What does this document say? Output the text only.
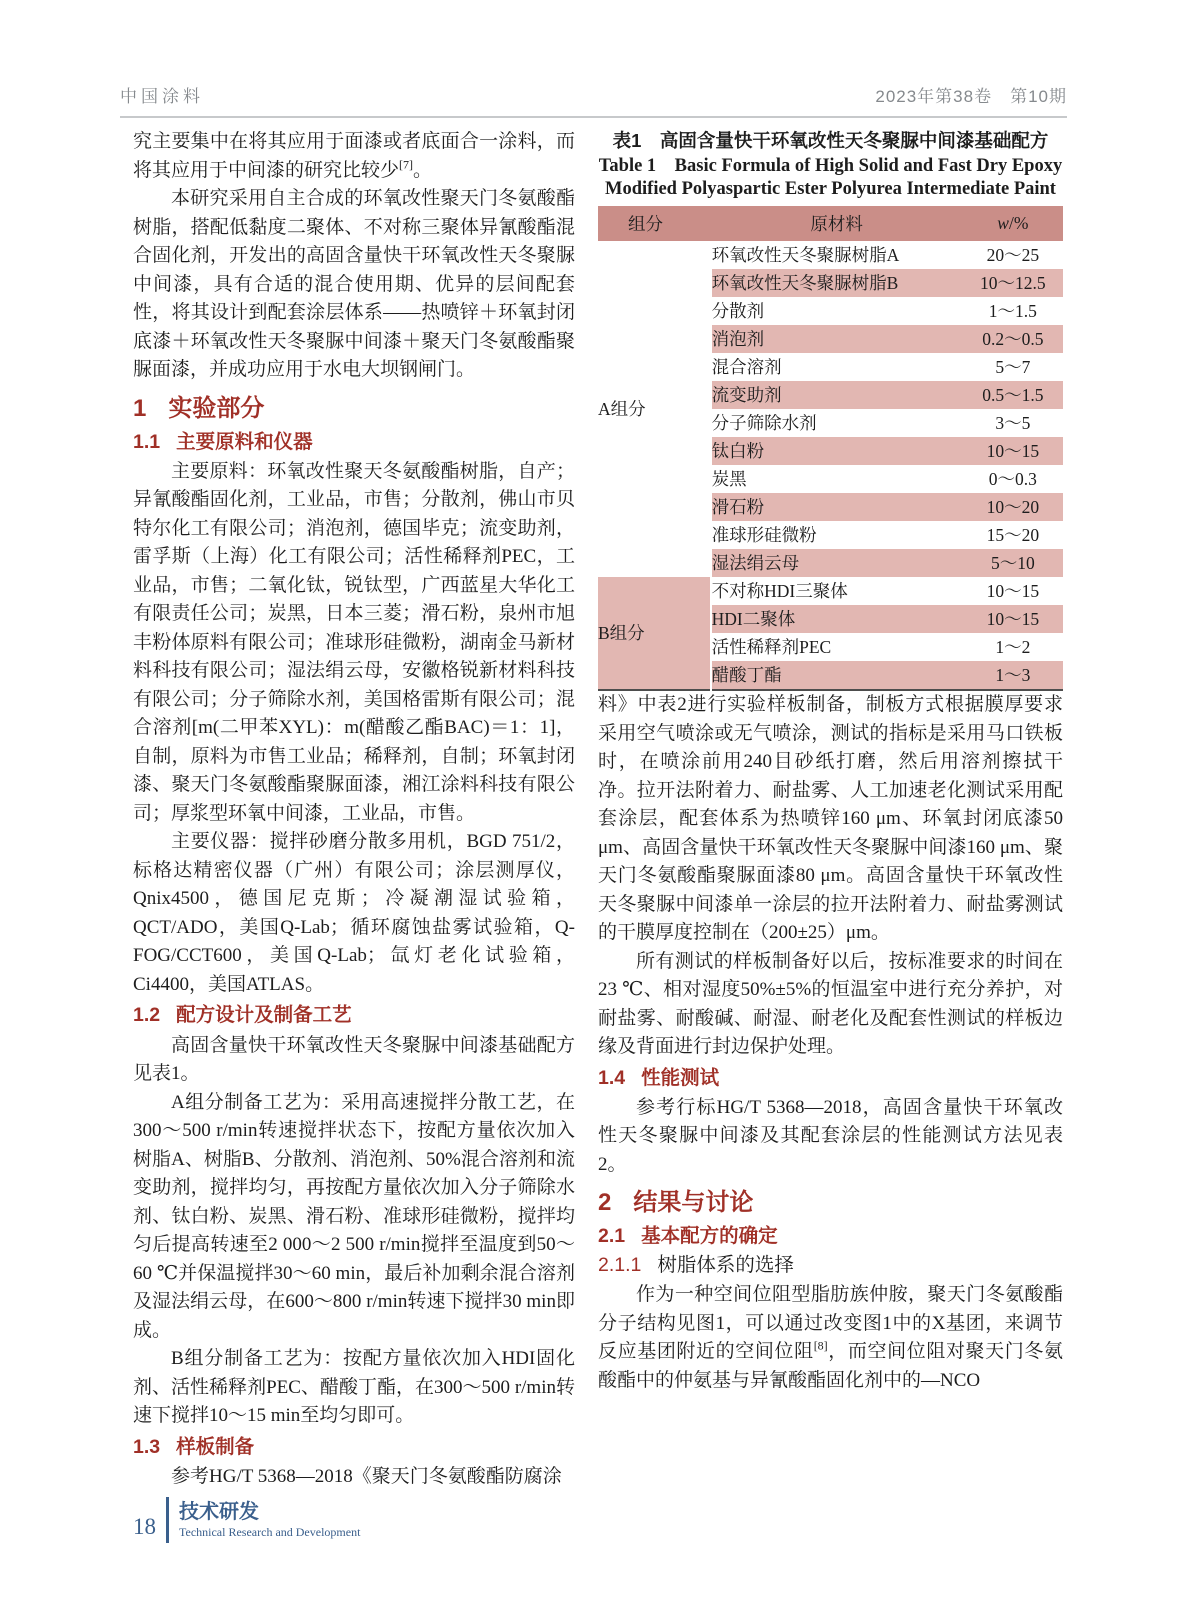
中国涂料	2023年第38卷　第10期

究主要集中在将其应用于面漆或者底面合一涂料，而将其应用于中间漆的研究比较少[7]。

本研究采用自主合成的环氧改性聚天门冬氨酸酯树脂，搭配低黏度二聚体、不对称三聚体异氰酸酯混合固化剂，开发出的高固含量快干环氧改性天冬聚脲中间漆，具有合适的混合使用期、优异的层间配套性，将其设计到配套涂层体系——热喷锌＋环氧封闭底漆＋环氧改性天冬聚脲中间漆＋聚天门冬氨酸酯聚脲面漆，并成功应用于水电大坝钢闸门。

1 实验部分
1.1 主要原料和仪器

主要原料：环氧改性聚天冬氨酸酯树脂，自产；异氰酸酯固化剂，工业品，市售；分散剂，佛山市贝特尔化工有限公司；消泡剂，德国毕克；流变助剂，雷孚斯（上海）化工有限公司；活性稀释剂PEC，工业品，市售；二氧化钛，锐钛型，广西蓝星大华化工有限责任公司；炭黑，日本三菱；滑石粉，泉州市旭丰粉体原料有限公司；准球形硅微粉，湖南金马新材料科技有限公司；湿法绢云母，安徽格锐新材料科技有限公司；分子筛除水剂，美国格雷斯有限公司；混合溶剂[m(二甲苯XYL)：m(醋酸乙酯BAC)＝1：1]，自制，原料为市售工业品；稀释剂，自制；环氧封闭漆、聚天门冬氨酸酯聚脲面漆，湘江涂料科技有限公司；厚浆型环氧中间漆，工业品，市售。

主要仪器：搅拌砂磨分散多用机，BGD 751/2，标格达精密仪器（广州）有限公司；涂层测厚仪，Qnix4500，德国尼克斯；冷凝潮湿试验箱，QCT/ADO，美国Q-Lab；循环腐蚀盐雾试验箱，Q-FOG/CCT600，美国Q-Lab；氙灯老化试验箱，Ci4400，美国ATLAS。

1.2 配方设计及制备工艺

高固含量快干环氧改性天冬聚脲中间漆基础配方见表1。

A组分制备工艺为：采用高速搅拌分散工艺，在300～500 r/min转速搅拌状态下，按配方量依次加入树脂A、树脂B、分散剂、消泡剂、50%混合溶剂和流变助剂，搅拌均匀，再按配方量依次加入分子筛除水剂、钛白粉、炭黑、滑石粉、准球形硅微粉，搅拌均匀后提高转速至2 000～2 500 r/min搅拌至温度到50～60 ℃并保温搅拌30～60 min，最后补加剩余混合溶剂及湿法绢云母，在600～800 r/min转速下搅拌30 min即成。

B组分制备工艺为：按配方量依次加入HDI固化剂、活性稀释剂PEC、醋酸丁酯，在300～500 r/min转速下搅拌10～15 min至均匀即可。

1.3 样板制备

参考HG/T 5368—2018《聚天门冬氨酸酯防腐涂

表1　高固含量快干环氧改性天冬聚脲中间漆基础配方
Table 1　Basic Formula of High Solid and Fast Dry Epoxy Modified Polyaspartic Ester Polyurea Intermediate Paint
组分	原材料	w/%
A组分	环氧改性天冬聚脲树脂A	20～25
	环氧改性天冬聚脲树脂B	10～12.5
	分散剂	1～1.5
	消泡剂	0.2～0.5
	混合溶剂	5～7
	流变助剂	0.5～1.5
	分子筛除水剂	3～5
	钛白粉	10～15
	炭黑	0～0.3
	滑石粉	10～20
	准球形硅微粉	15～20
	湿法绢云母	5～10
B组分	不对称HDI三聚体	10～15
	HDI二聚体	10～15
	活性稀释剂PEC	1～2
	醋酸丁酯	1～3

料》中表2进行实验样板制备，制板方式根据膜厚要求采用空气喷涂或无气喷涂，测试的指标是采用马口铁板时，在喷涂前用240目砂纸打磨，然后用溶剂擦拭干净。拉开法附着力、耐盐雾、人工加速老化测试采用配套涂层，配套体系为热喷锌160 μm、环氧封闭底漆50 μm、高固含量快干环氧改性天冬聚脲中间漆160 μm、聚天门冬氨酸酯聚脲面漆80 μm。高固含量快干环氧改性天冬聚脲中间漆单一涂层的拉开法附着力、耐盐雾测试的干膜厚度控制在（200±25）μm。

所有测试的样板制备好以后，按标准要求的时间在23 ℃、相对湿度50%±5%的恒温室中进行充分养护，对耐盐雾、耐酸碱、耐湿、耐老化及配套性测试的样板边缘及背面进行封边保护处理。

1.4 性能测试

参考行标HG/T 5368—2018，高固含量快干环氧改性天冬聚脲中间漆及其配套涂层的性能测试方法见表2。

2 结果与讨论
2.1 基本配方的确定
2.1.1 树脂体系的选择

作为一种空间位阻型脂肪族仲胺，聚天门冬氨酸酯分子结构见图1，可以通过改变图1中的X基团，来调节反应基团附近的空间位阻[8]，而空间位阻对聚天门冬氨酸酯中的仲氨基与异氰酸酯固化剂中的—NCO

18
技术研发
Technical Research and Development
